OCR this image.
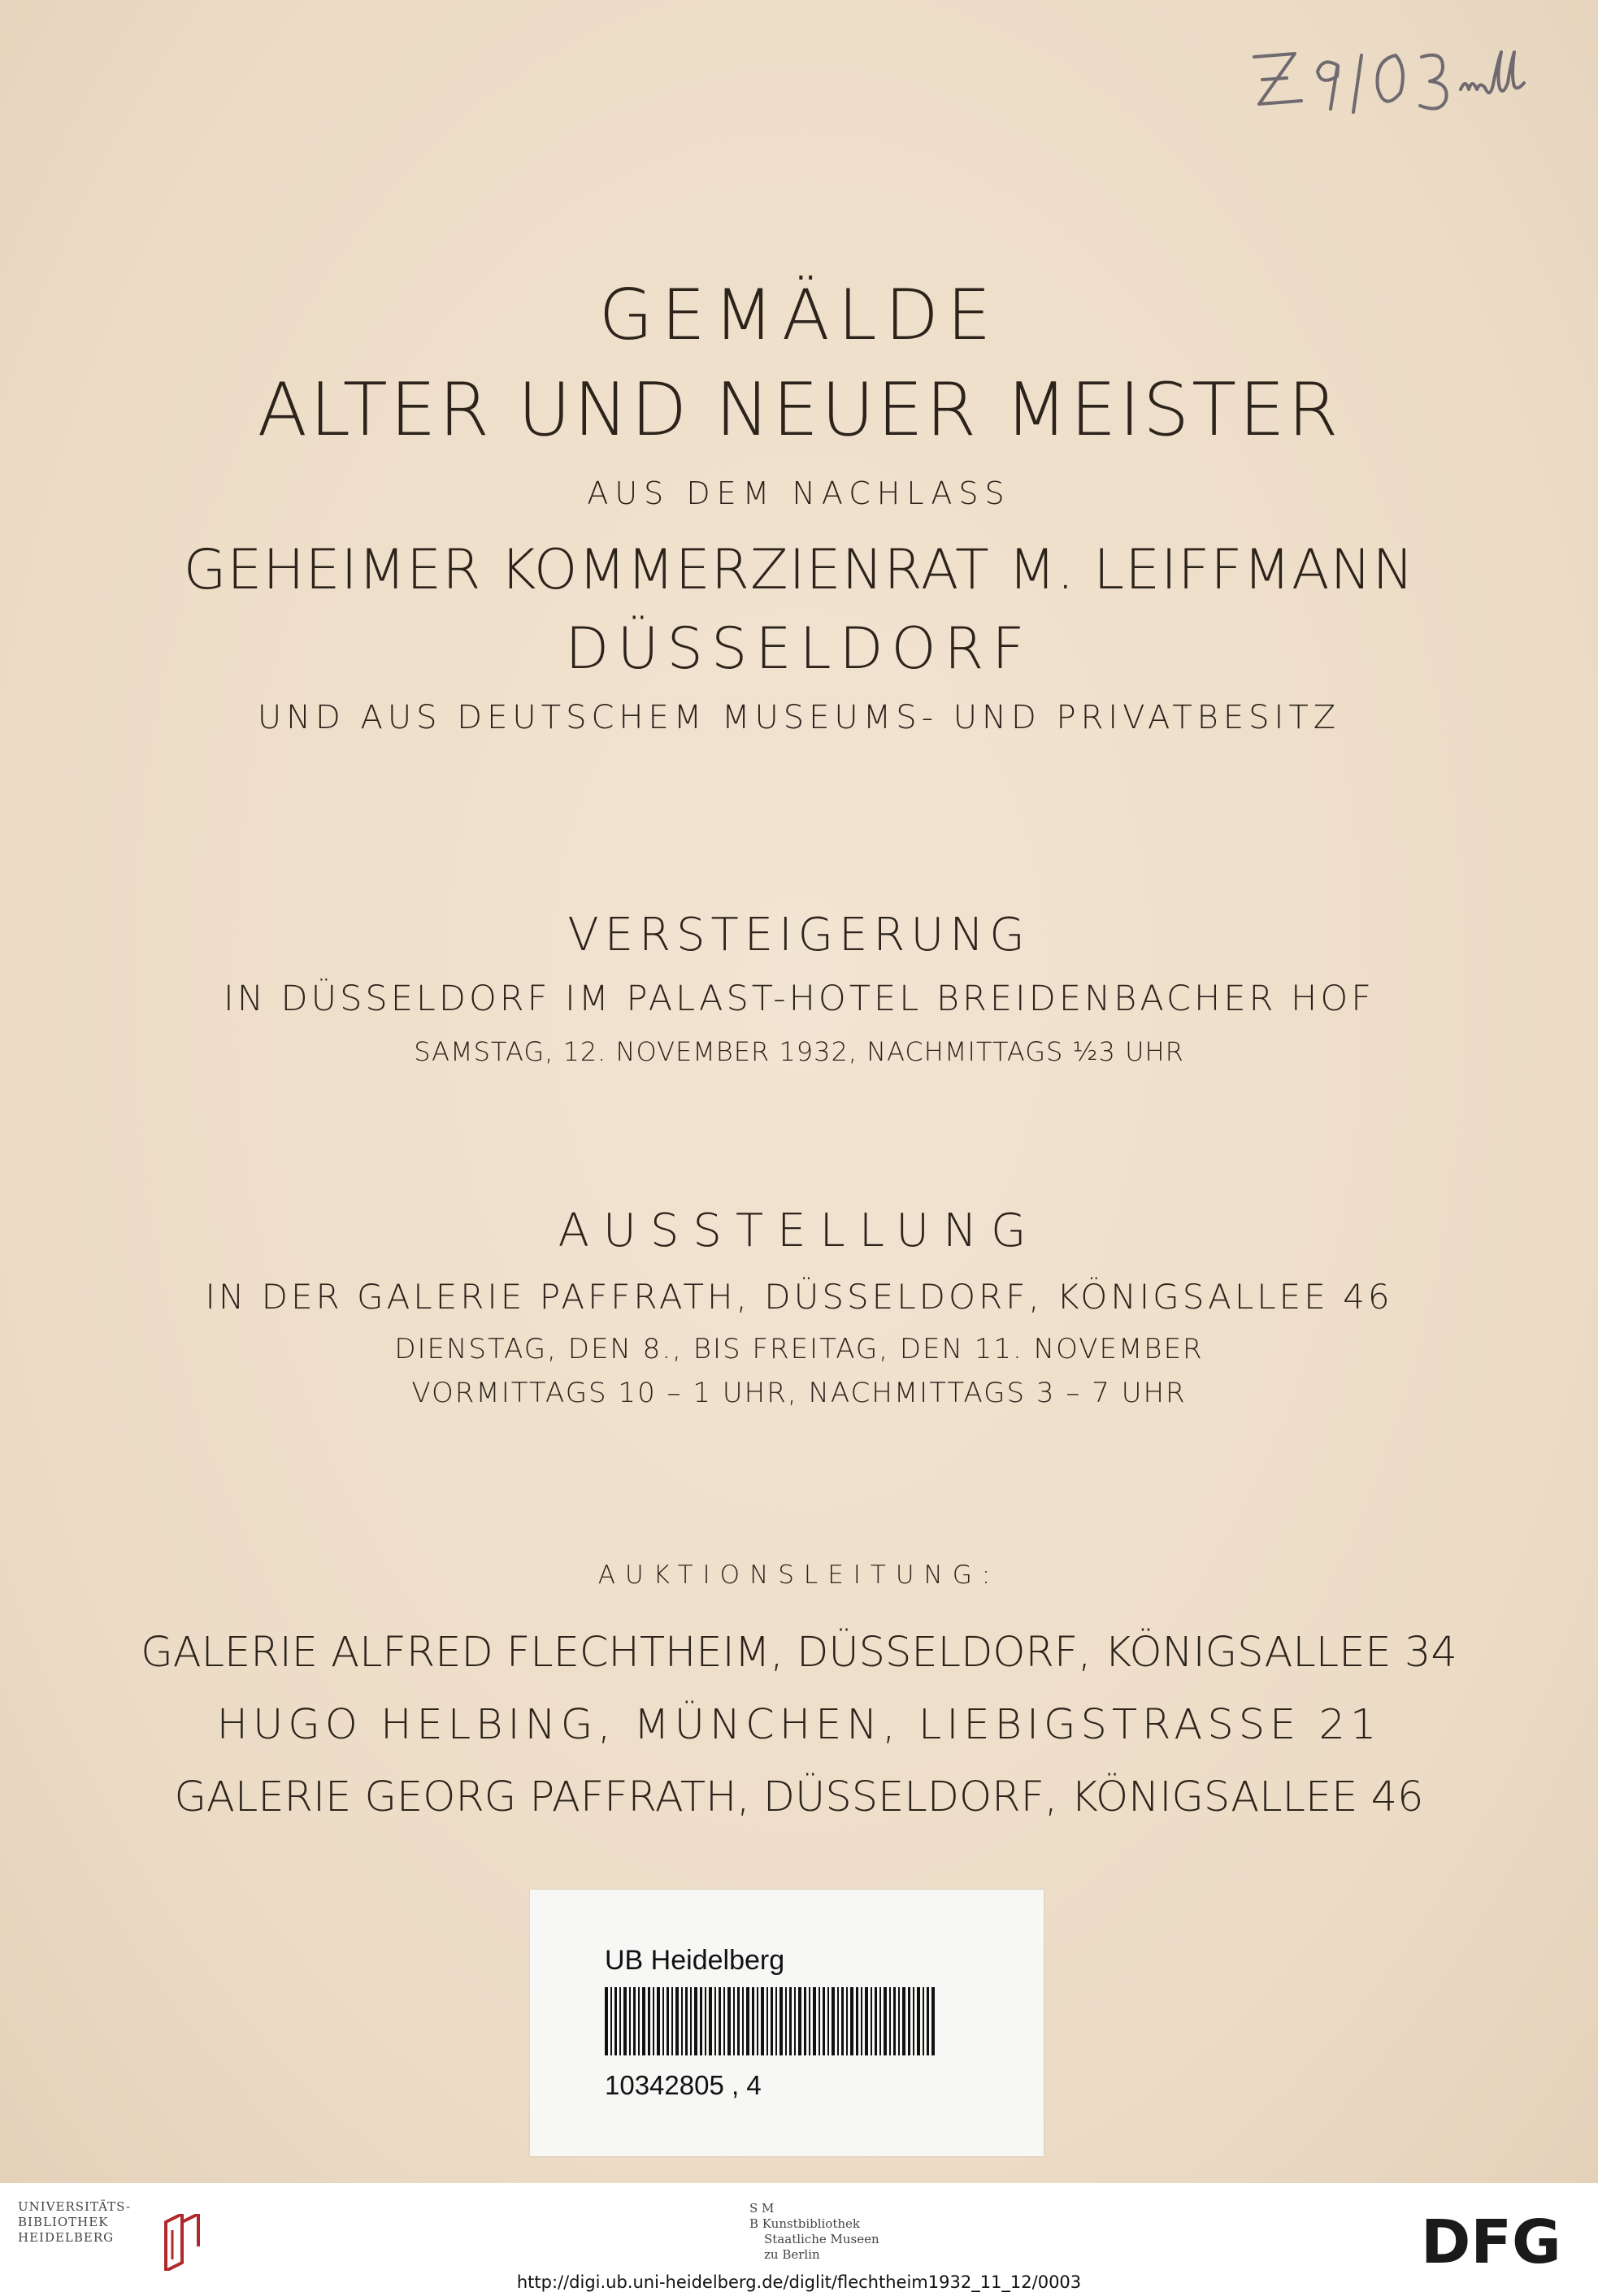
GEMÄLDE
ALTER UND NEUER MEISTER
AUS DEM NACHLASS
GEHEIMER KOMMERZIENRAT M. LEIFFMANN
DÜSSELDORF
UND AUS DEUTSCHEM MUSEUMS- UND PRIVATBESITZ
VERSTEIGERUNG
IN DÜSSELDORF IM PALAST-HOTEL BREIDENBACHER HOF
SAMSTAG, 12. NOVEMBER 1932, NACHMITTAGS ½3 UHR
AUSSTELLUNG
IN DER GALERIE PAFFRATH, DÜSSELDORF, KÖNIGSALLEE 46
DIENSTAG, DEN 8., BIS FREITAG, DEN 11. NOVEMBER
VORMITTAGS 10 – 1 UHR, NACHMITTAGS 3 – 7 UHR
AUKTIONSLEITUNG:
GALERIE ALFRED FLECHTHEIM, DÜSSELDORF, KÖNIGSALLEE 34
HUGO HELBING, MÜNCHEN, LIEBIGSTRASSE 21
GALERIE GEORG PAFFRATH, DÜSSELDORF, KÖNIGSALLEE 46
UB Heidelberg
10342805 , 4
UNIVERSITÄTS-
BIBLIOTHEK
HEIDELBERG
S M
B Kunstbibliothek
Staatliche Museen
zu Berlin	DFG
http://digi.ub.uni-heidelberg.de/diglit/flechtheim1932_11_12/0003
